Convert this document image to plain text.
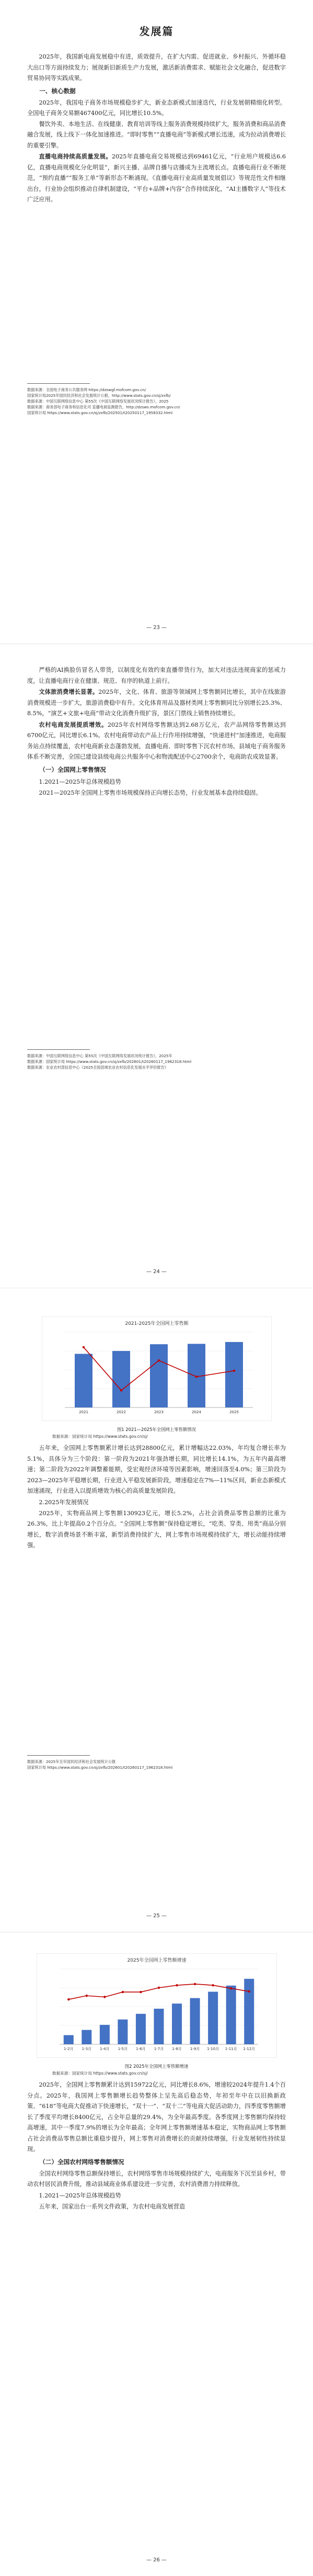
发展篇

2025年，我国新电商发展稳中有进，质效提升，在扩大内需、促进就业、乡村振兴、外循环稳大出口等方面持续发力；展现新旧新质生产力发展，激活新消费需求、赋能社会文化融合，促进数字贸易协同等实践成果。

一、核心数据

2025年，我国电子商务市场规模稳步扩大，新业态新模式加速迭代，行业发展朝精细化转型。全国电子商务交易额467400亿元，同比增长10.5%。

餐饮外卖、本地生活、在线健康、教育培训等线上服务消费规模持续扩大，服务消费和商品消费融合发展，线上线下一体化加速推进。“即时零售”“直播电商”等新模式增长迅速，成为拉动消费增长的重要引擎。

直播电商持续高质量发展。2025年直播电商交易规模达到69461亿元，“行业用户规模达6.6亿，直播电商规模化分化明显”，新兴主播、品牌自播与店播成为主流增长点。直播电商行业不断规范，“预约直播”“服务工单”等新形态不断涌现。《直播电商行业高质量发展倡议》等规范性文件相继出台，行业协会组织推动自律机制建设，“平台+品牌+内容”合作持续深化，“AI主播数字人”等技术广泛应用。

数据来源：全国电子商务公共服务网 https://dzswgf.mofcom.gov.cn/

国家统计局2025年国民经济和社会发展统计公报，http://www.stats.gov.cn/sj/zxfb/

数据来源：中国互联网络信息中心 第55次《中国互联网络发展状况统计报告》，2025

数据来源：商务部电子商务和信息化司 直播电商监测报告，http://dzsws.mofcom.gov.cn/

国家统计局 https://www.stats.gov.cn/sj/zxfb/202501/t20250117_1958332.html

— 23 —

严格的AI换脸仿冒名人带货，以制度化有效约束直播带货行为，加大对违法违规商家的惩戒力度，让直播电商行业在健康、规范、有序的轨道上前行。

文体旅消费增长显著。2025年，文化、体育、旅游等领域网上零售额同比增长，其中在线旅游消费规模进一步扩大，旅游消费稳中有升。文化体育用品及器材类网上零售额同比分别增长25.3%、8.5%，“演艺+文旅+电商”带动文化消费升级扩容，景区门票线上销售持续增长。

农村电商发展提质增效。2025年农村网络零售额达到2.68万亿元，农产品网络零售额达到6700亿元，同比增长6.1%。农村电商带动农产品上行作用持续增强，“快递进村”加速推进，电商服务站点持续覆盖，农村电商新业态蓬勃发展，直播电商、即时零售下沉农村市场。县域电子商务服务体系不断完善，全国已建设县级电商公共服务中心和物流配送中心2700余个，电商助农成效显著。

（一）全国网上零售情况
1.2021—2025年总体规模趋势

2021—2025年全国网上零售市场规模保持正向增长态势，行业发展基本盘持续稳固。

数据来源：中国互联网络信息中心 第55次《中国互联网络发展状况统计报告》，2025年

数据来源：国家统计局 https://www.stats.gov.cn/sj/zxfb/202601/t20260117_1962318.html

数据来源：农业农村部信息中心《2025全国县域农业农村信息化发展水平评价报告》

— 24 —
2021-2025年全国网上零售额
2021	2022	2023	2024	2025

图1 2021—2025年全国网上零售额情况

数据来源：国家统计局 https://www.stats.gov.cn/sj/

五年来，全国网上零售额累计增长达到28800亿元，累计增幅达22.03%，年均复合增长率为5.1%，具体分为三个阶段：第一阶段为2021年强劲增长期，同比增长14.1%，为五年内最高增速；第二阶段为2022年调整蓄能期，受宏观经济环境等因素影响，增速回落至4.0%；第三阶段为2023—2025年平稳增长期，行业进入平稳发展新阶段，增速稳定在7%—11%区间，新业态新模式加速涌现，行业进入以提质增效为核心的高质量发展阶段。

2.2025年发展情况

2025年，实物商品网上零售额130923亿元，增长5.2%，占社会消费品零售总额的比重为26.3%，比上年提高0.2个百分点。“全国网上零售额”保持稳定增长，“吃类、穿类、用类”商品分别增长，数字消费场景不断丰富，新型消费持续扩大，网上零售市场规模持续扩大，增长动能持续增强。

数据来源：2025年全年国民经济和社会发展统计公报

国家统计局 https://www.stats.gov.cn/sj/zxfb/202601/t20260117_1962318.html

— 25 —
2025年全国网上零售额增速
1-2月 1-3月 1-4月 1-5月 1-6月 1-7月 1-8月 1-9月 1-10月 1-11月 1-12月

图2 2025年全国网上零售额增速

数据来源：国家统计局 https://www.stats.gov.cn/sj/

2025年，全国网上零售额累计达到159722亿元，同比增长8.6%，增速较2024年提升1.4个百分点。2025年，我国网上零售额增长趋势整体上呈先高后稳态势，年初至年中在以旧换新政策、“618”等电商大促推动下快速增长，“双十一”、“双十二”等电商大促活动助力，四季度零售额增长了季度平均增长8400亿元，占全年总量的29.4%，为全年最高季度。各季度网上零售额均保持较高增速，其中一季度7.9%的增长为全年最高；全年网上零售额增速基本稳定，实物商品网上零售额占社会消费品零售总额比重稳步提升，网上零售对消费增长的贡献持续增强，行业发展韧性持续显现。

（二）全国农村网络零售额情况

全国农村网络零售总额保持增长，农村网络零售市场规模持续扩大，电商服务下沉至县乡村，带动农村居民消费升级，推动县域商业体系建设进一步完善，农村消费潜力持续释放。

1.2021—2025年总体规模趋势

五年来，国家出台一系列文件政策，为农村电商发展营造

— 26 —
